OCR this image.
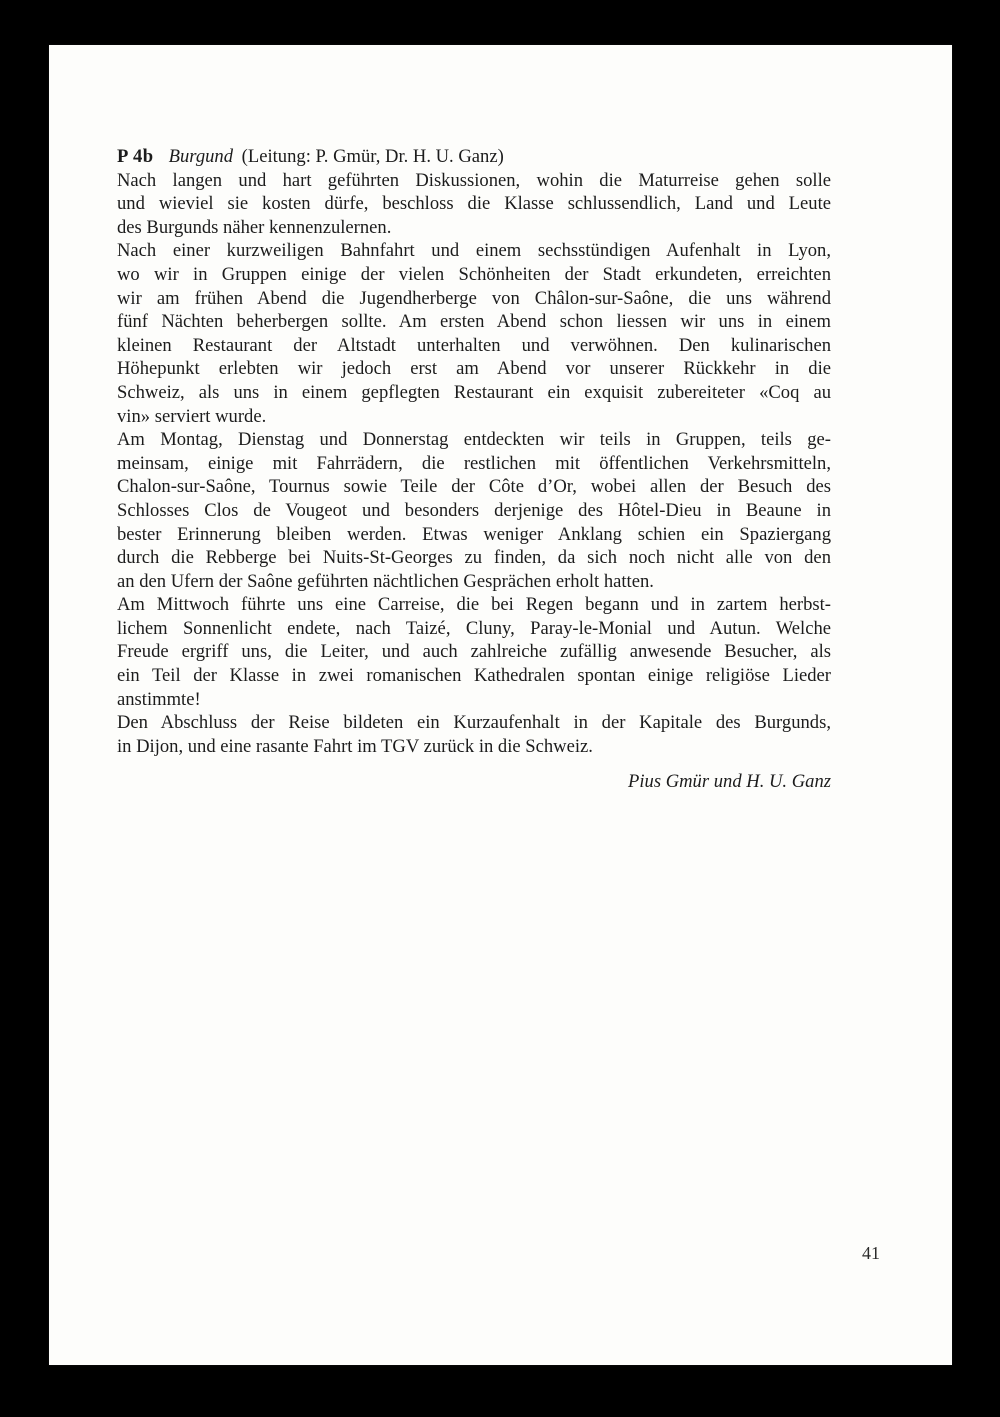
P 4b Burgund (Leitung: P. Gmür, Dr. H. U. Ganz)
Nach langen und hart geführten Diskussionen, wohin die Maturreise gehen solle
und wieviel sie kosten dürfe, beschloss die Klasse schlussendlich, Land und Leute
des Burgunds näher kennenzulernen.
Nach einer kurzweiligen Bahnfahrt und einem sechsstündigen Aufenhalt in Lyon,
wo wir in Gruppen einige der vielen Schönheiten der Stadt erkundeten, erreichten
wir am frühen Abend die Jugendherberge von Châlon-sur-Saône, die uns während
fünf Nächten beherbergen sollte. Am ersten Abend schon liessen wir uns in einem
kleinen Restaurant der Altstadt unterhalten und verwöhnen. Den kulinarischen
Höhepunkt erlebten wir jedoch erst am Abend vor unserer Rückkehr in die
Schweiz, als uns in einem gepflegten Restaurant ein exquisit zubereiteter «Coq au
vin» serviert wurde.
Am Montag, Dienstag und Donnerstag entdeckten wir teils in Gruppen, teils ge-
meinsam, einige mit Fahrrädern, die restlichen mit öffentlichen Verkehrsmitteln,
Chalon-sur-Saône, Tournus sowie Teile der Côte d’Or, wobei allen der Besuch des
Schlosses Clos de Vougeot und besonders derjenige des Hôtel-Dieu in Beaune in
bester Erinnerung bleiben werden. Etwas weniger Anklang schien ein Spaziergang
durch die Rebberge bei Nuits-St-Georges zu finden, da sich noch nicht alle von den
an den Ufern der Saône geführten nächtlichen Gesprächen erholt hatten.
Am Mittwoch führte uns eine Carreise, die bei Regen begann und in zartem herbst-
lichem Sonnenlicht endete, nach Taizé, Cluny, Paray-le-Monial und Autun. Welche
Freude ergriff uns, die Leiter, und auch zahlreiche zufällig anwesende Besucher, als
ein Teil der Klasse in zwei romanischen Kathedralen spontan einige religiöse Lieder
anstimmte!
Den Abschluss der Reise bildeten ein Kurzaufenhalt in der Kapitale des Burgunds,
in Dijon, und eine rasante Fahrt im TGV zurück in die Schweiz.
Pius Gmür und H. U. Ganz
41
